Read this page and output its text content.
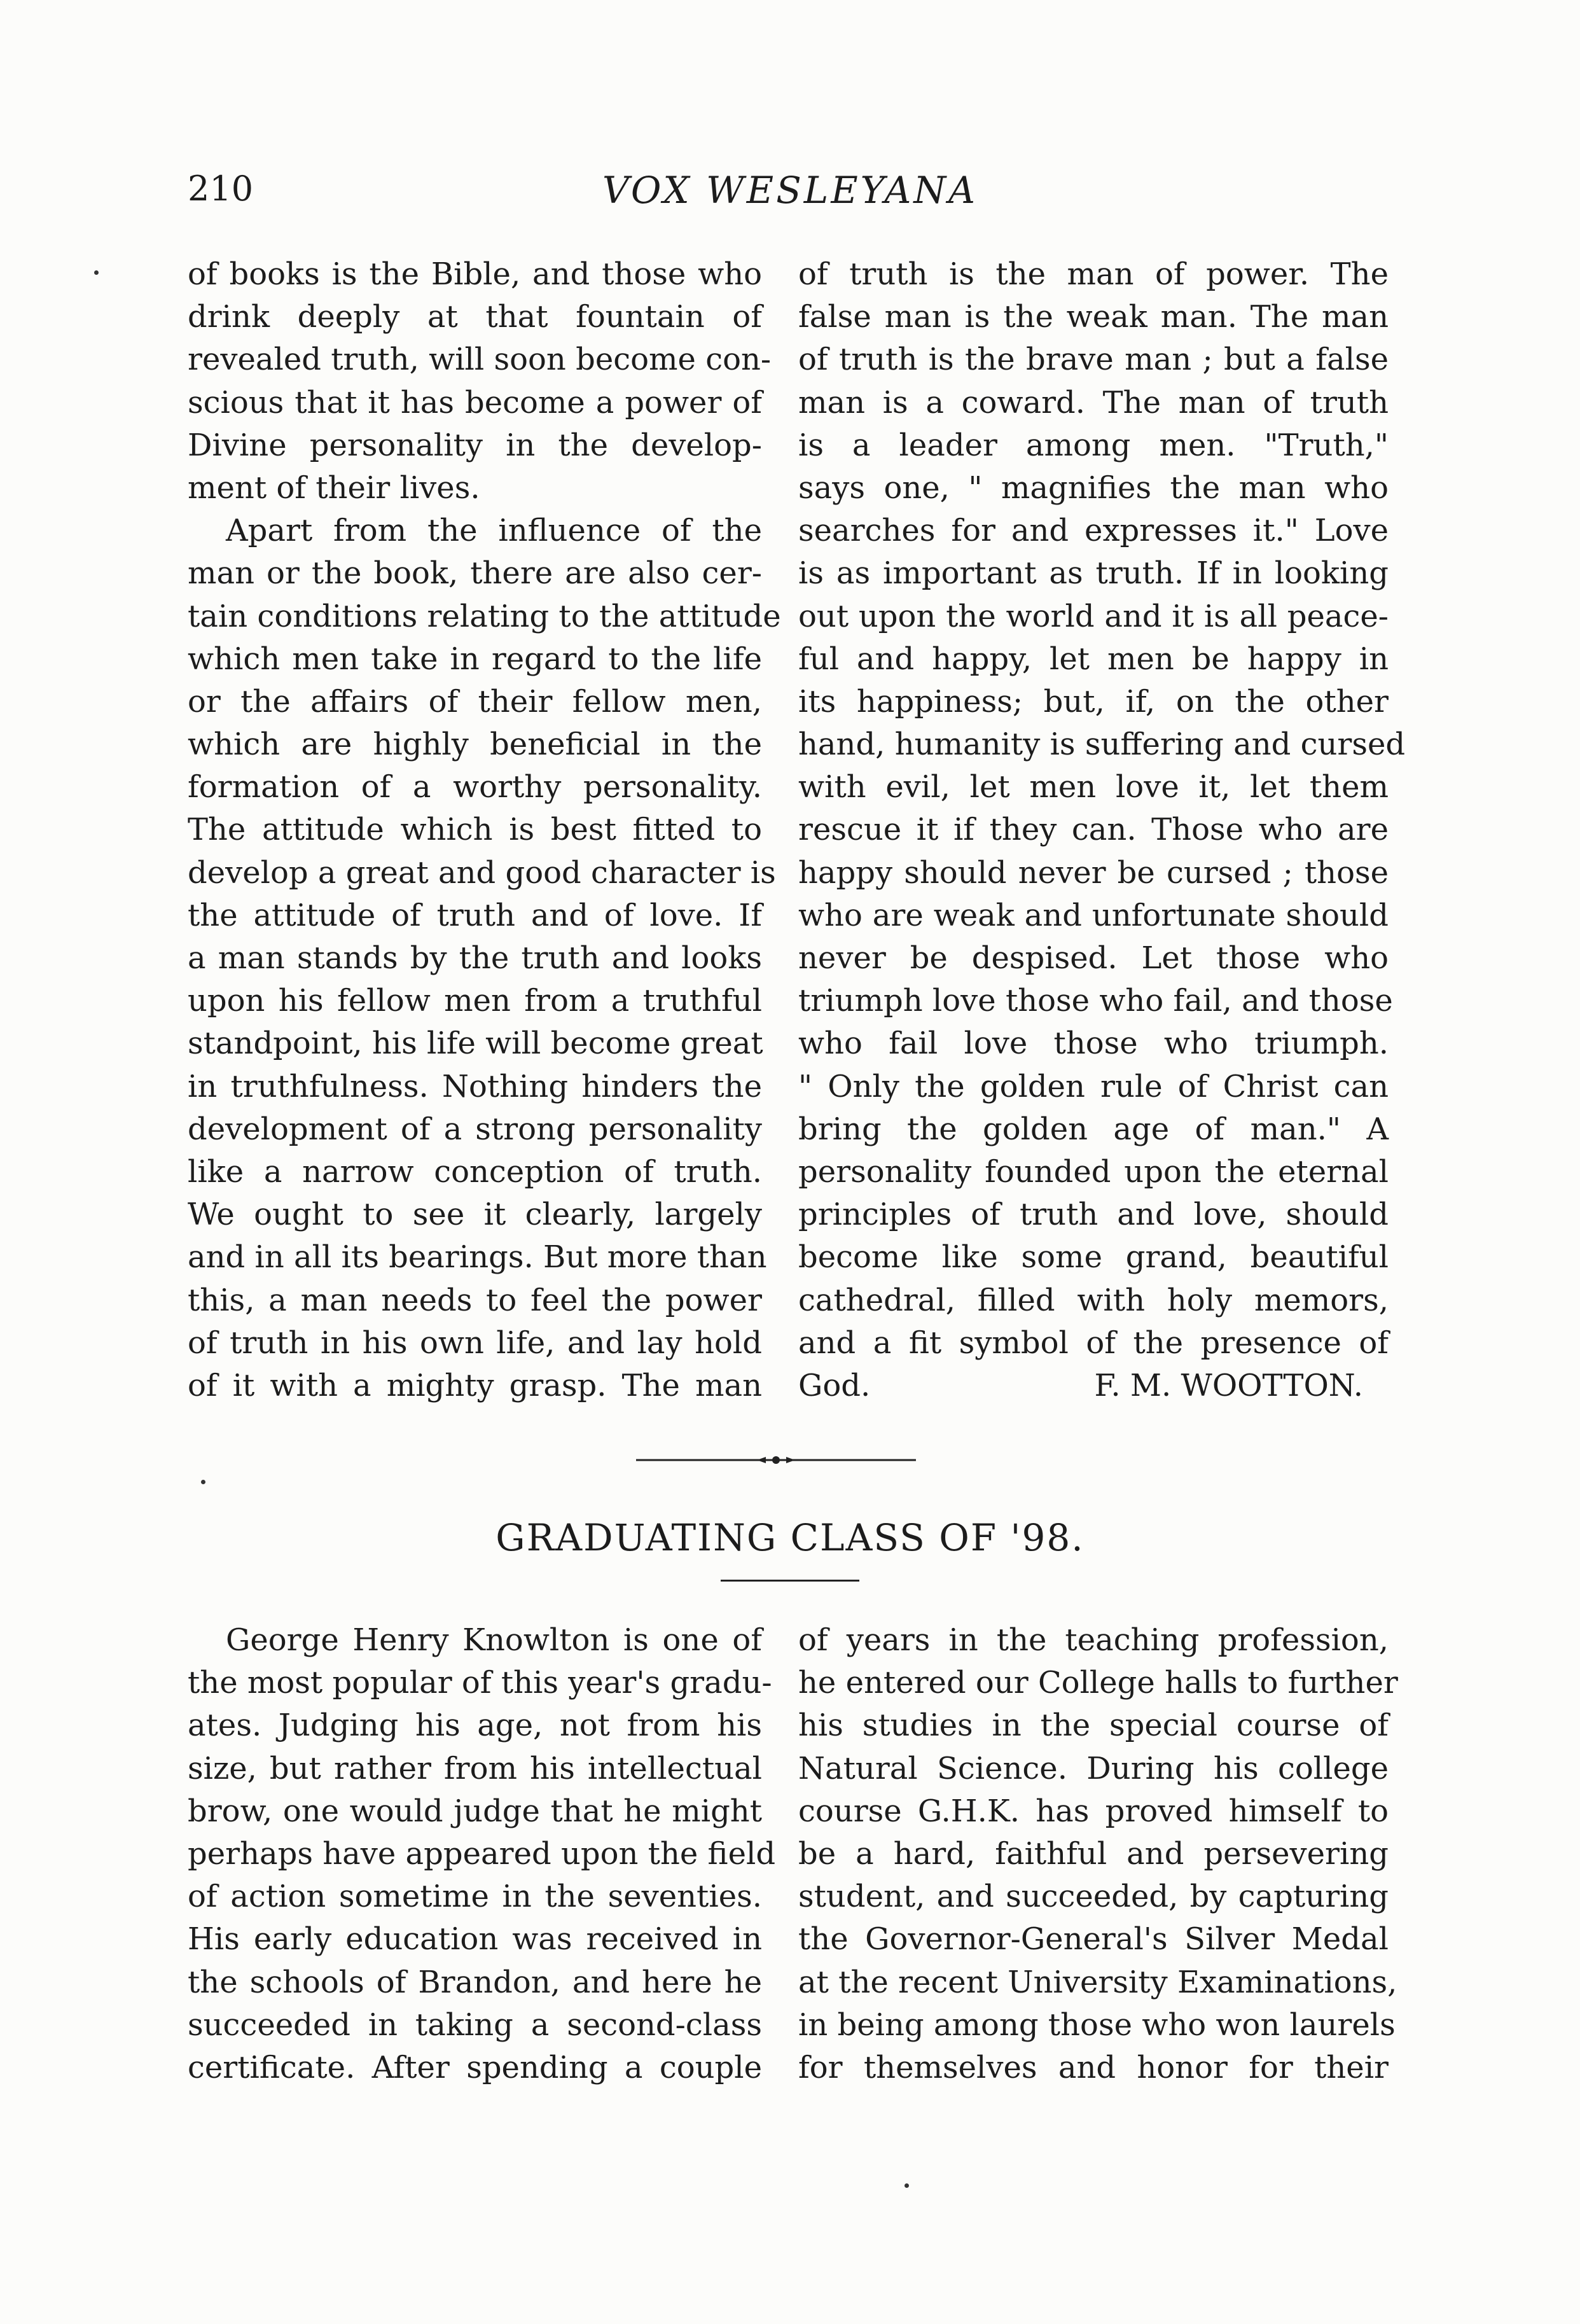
210	VOX WESLEYANA
of books is the Bible, and those who
drink deeply at that fountain of
revealed truth, will soon become con-
scious that it has become a power of
Divine personality in the develop-
ment of their lives.
Apart from the influence of the
man or the book, there are also cer-
tain conditions relating to the attitude
which men take in regard to the life
or the affairs of their fellow men,
which are highly beneficial in the
formation of a worthy personality.
The attitude which is best fitted to
develop a great and good character is
the attitude of truth and of love. If
a man stands by the truth and looks
upon his fellow men from a truthful
standpoint, his life will become great
in truthfulness. Nothing hinders the
development of a strong personality
like a narrow conception of truth.
We ought to see it clearly, largely
and in all its bearings. But more than
this, a man needs to feel the power
of truth in his own life, and lay hold
of it with a mighty grasp. The man
of truth is the man of power. The
false man is the weak man. The man
of truth is the brave man ; but a false
man is a coward. The man of truth
is a leader among men. "Truth,"
says one, " magnifies the man who
searches for and expresses it." Love
is as important as truth. If in looking
out upon the world and it is all peace-
ful and happy, let men be happy in
its happiness; but, if, on the other
hand, humanity is suffering and cursed
with evil, let men love it, let them
rescue it if they can. Those who are
happy should never be cursed ; those
who are weak and unfortunate should
never be despised. Let those who
triumph love those who fail, and those
who fail love those who triumph.
" Only the golden rule of Christ can
bring the golden age of man." A
personality founded upon the eternal
principles of truth and love, should
become like some grand, beautiful
cathedral, filled with holy memors,
and a fit symbol of the presence of
God.	F. M. WOOTTON.
GRADUATING CLASS OF '98.
George Henry Knowlton is one of
the most popular of this year's gradu-
ates. Judging his age, not from his
size, but rather from his intellectual
brow, one would judge that he might
perhaps have appeared upon the field
of action sometime in the seventies.
His early education was received in
the schools of Brandon, and here he
succeeded in taking a second-class
certificate. After spending a couple
of years in the teaching profession,
he entered our College halls to further
his studies in the special course of
Natural Science. During his college
course G.H.K. has proved himself to
be a hard, faithful and persevering
student, and succeeded, by capturing
the Governor-General's Silver Medal
at the recent University Examinations,
in being among those who won laurels
for themselves and honor for their
